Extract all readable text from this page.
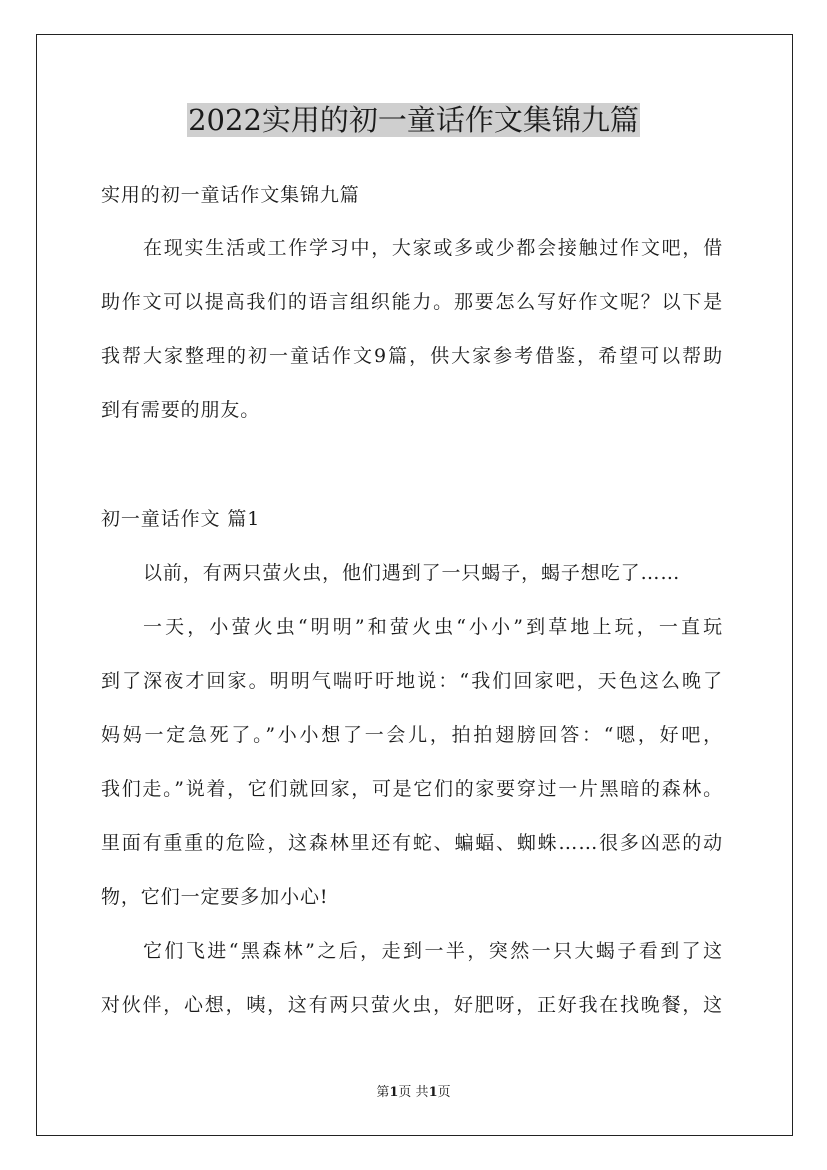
2022实用的初一童话作文集锦九篇
实用的初一童话作文集锦九篇
在现实生活或工作学习中，大家或多或少都会接触过作文吧，借
助作文可以提高我们的语言组织能力。那要怎么写好作文呢？以下是
我帮大家整理的初一童话作文9篇，供大家参考借鉴，希望可以帮助
到有需要的朋友。
初一童话作文 篇1
以前，有两只萤火虫，他们遇到了一只蝎子，蝎子想吃了……
一天，小萤火虫“明明”和萤火虫“小小”到草地上玩，一直玩
到了深夜才回家。明明气喘吁吁地说：“我们回家吧，天色这么晚了
妈妈一定急死了。”小小想了一会儿，拍拍翅膀回答：“嗯，好吧，
我们走。”说着，它们就回家，可是它们的家要穿过一片黑暗的森林。
里面有重重的危险，这森林里还有蛇、蝙蝠、蜘蛛……很多凶恶的动
物，它们一定要多加小心!
它们飞进“黑森林”之后，走到一半，突然一只大蝎子看到了这
对伙伴，心想，咦，这有两只萤火虫，好肥呀，正好我在找晚餐，这
第1页 共1页
